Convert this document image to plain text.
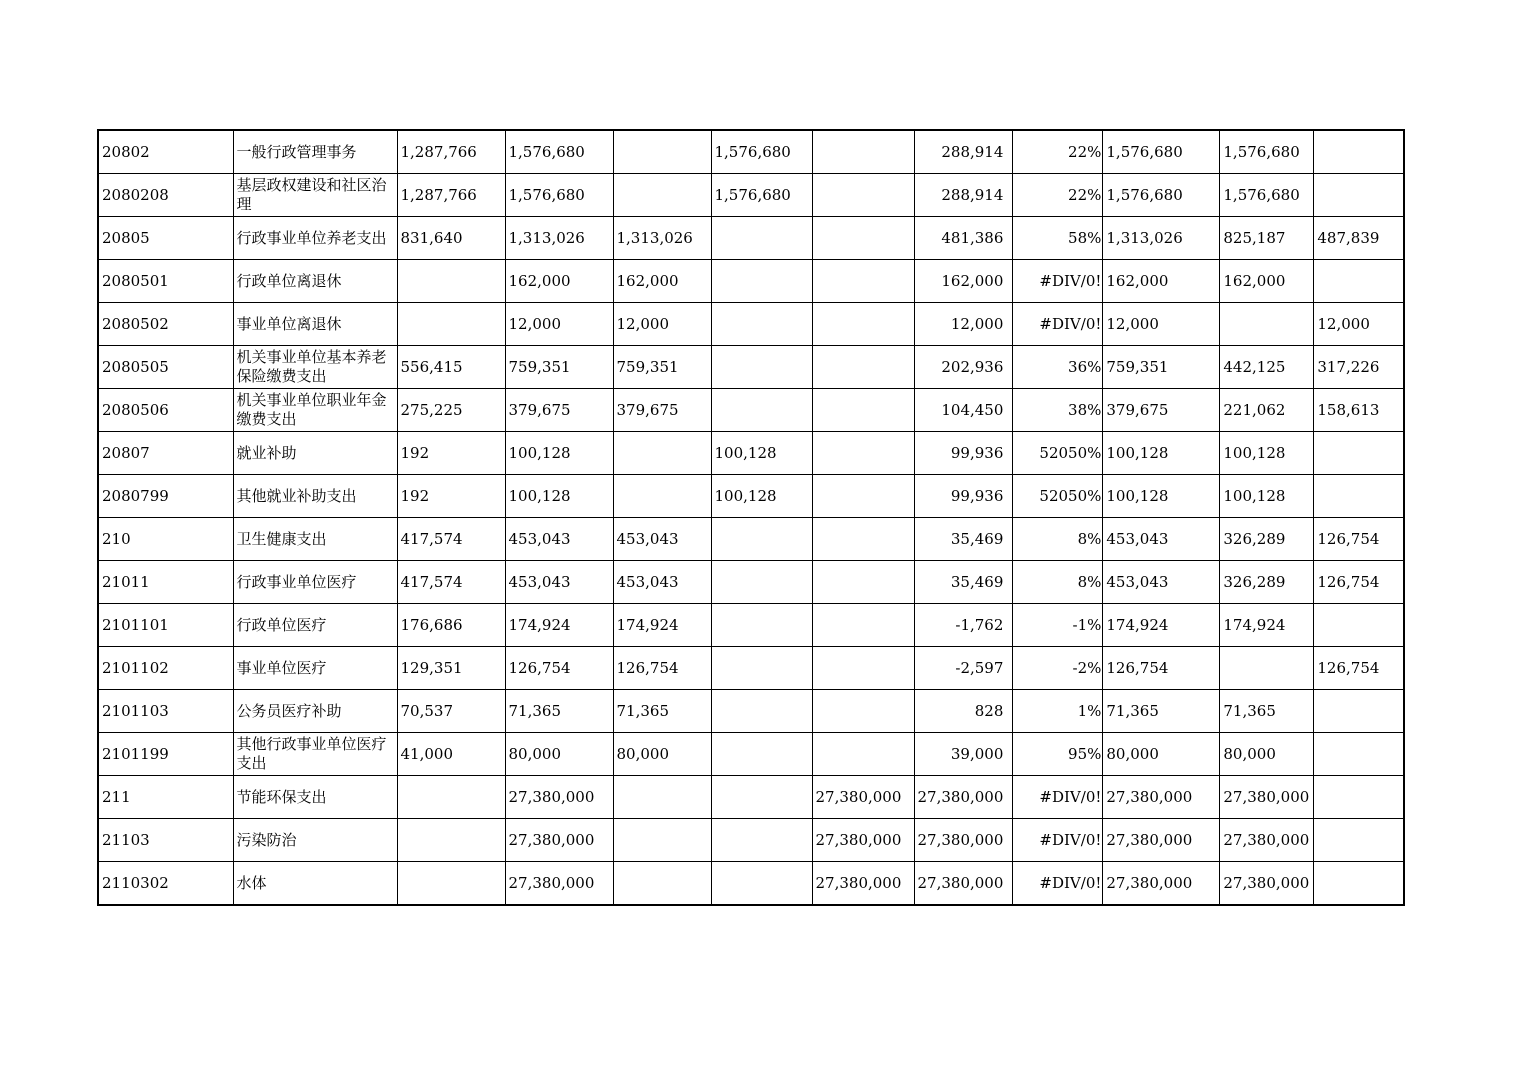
20802	一般行政管理事务	1,287,766	1,576,680		1,576,680		288,914	22%	1,576,680	1,576,680	
2080208	基层政权建设和社区治理	1,287,766	1,576,680		1,576,680		288,914	22%	1,576,680	1,576,680	
20805	行政事业单位养老支出	831,640	1,313,026	1,313,026			481,386	58%	1,313,026	825,187	487,839
2080501	行政单位离退休		162,000	162,000			162,000	#DIV/0!	162,000	162,000	
2080502	事业单位离退休		12,000	12,000			12,000	#DIV/0!	12,000		12,000
2080505	机关事业单位基本养老保险缴费支出	556,415	759,351	759,351			202,936	36%	759,351	442,125	317,226
2080506	机关事业单位职业年金缴费支出	275,225	379,675	379,675			104,450	38%	379,675	221,062	158,613
20807	就业补助	192	100,128		100,128		99,936	52050%	100,128	100,128	
2080799	其他就业补助支出	192	100,128		100,128		99,936	52050%	100,128	100,128	
210	卫生健康支出	417,574	453,043	453,043			35,469	8%	453,043	326,289	126,754
21011	行政事业单位医疗	417,574	453,043	453,043			35,469	8%	453,043	326,289	126,754
2101101	行政单位医疗	176,686	174,924	174,924			-1,762	-1%	174,924	174,924	
2101102	事业单位医疗	129,351	126,754	126,754			-2,597	-2%	126,754		126,754
2101103	公务员医疗补助	70,537	71,365	71,365			828	1%	71,365	71,365	
2101199	其他行政事业单位医疗支出	41,000	80,000	80,000			39,000	95%	80,000	80,000	
211	节能环保支出		27,380,000			27,380,000	27,380,000	#DIV/0!	27,380,000	27,380,000	
21103	污染防治		27,380,000			27,380,000	27,380,000	#DIV/0!	27,380,000	27,380,000	
2110302	水体		27,380,000			27,380,000	27,380,000	#DIV/0!	27,380,000	27,380,000	
